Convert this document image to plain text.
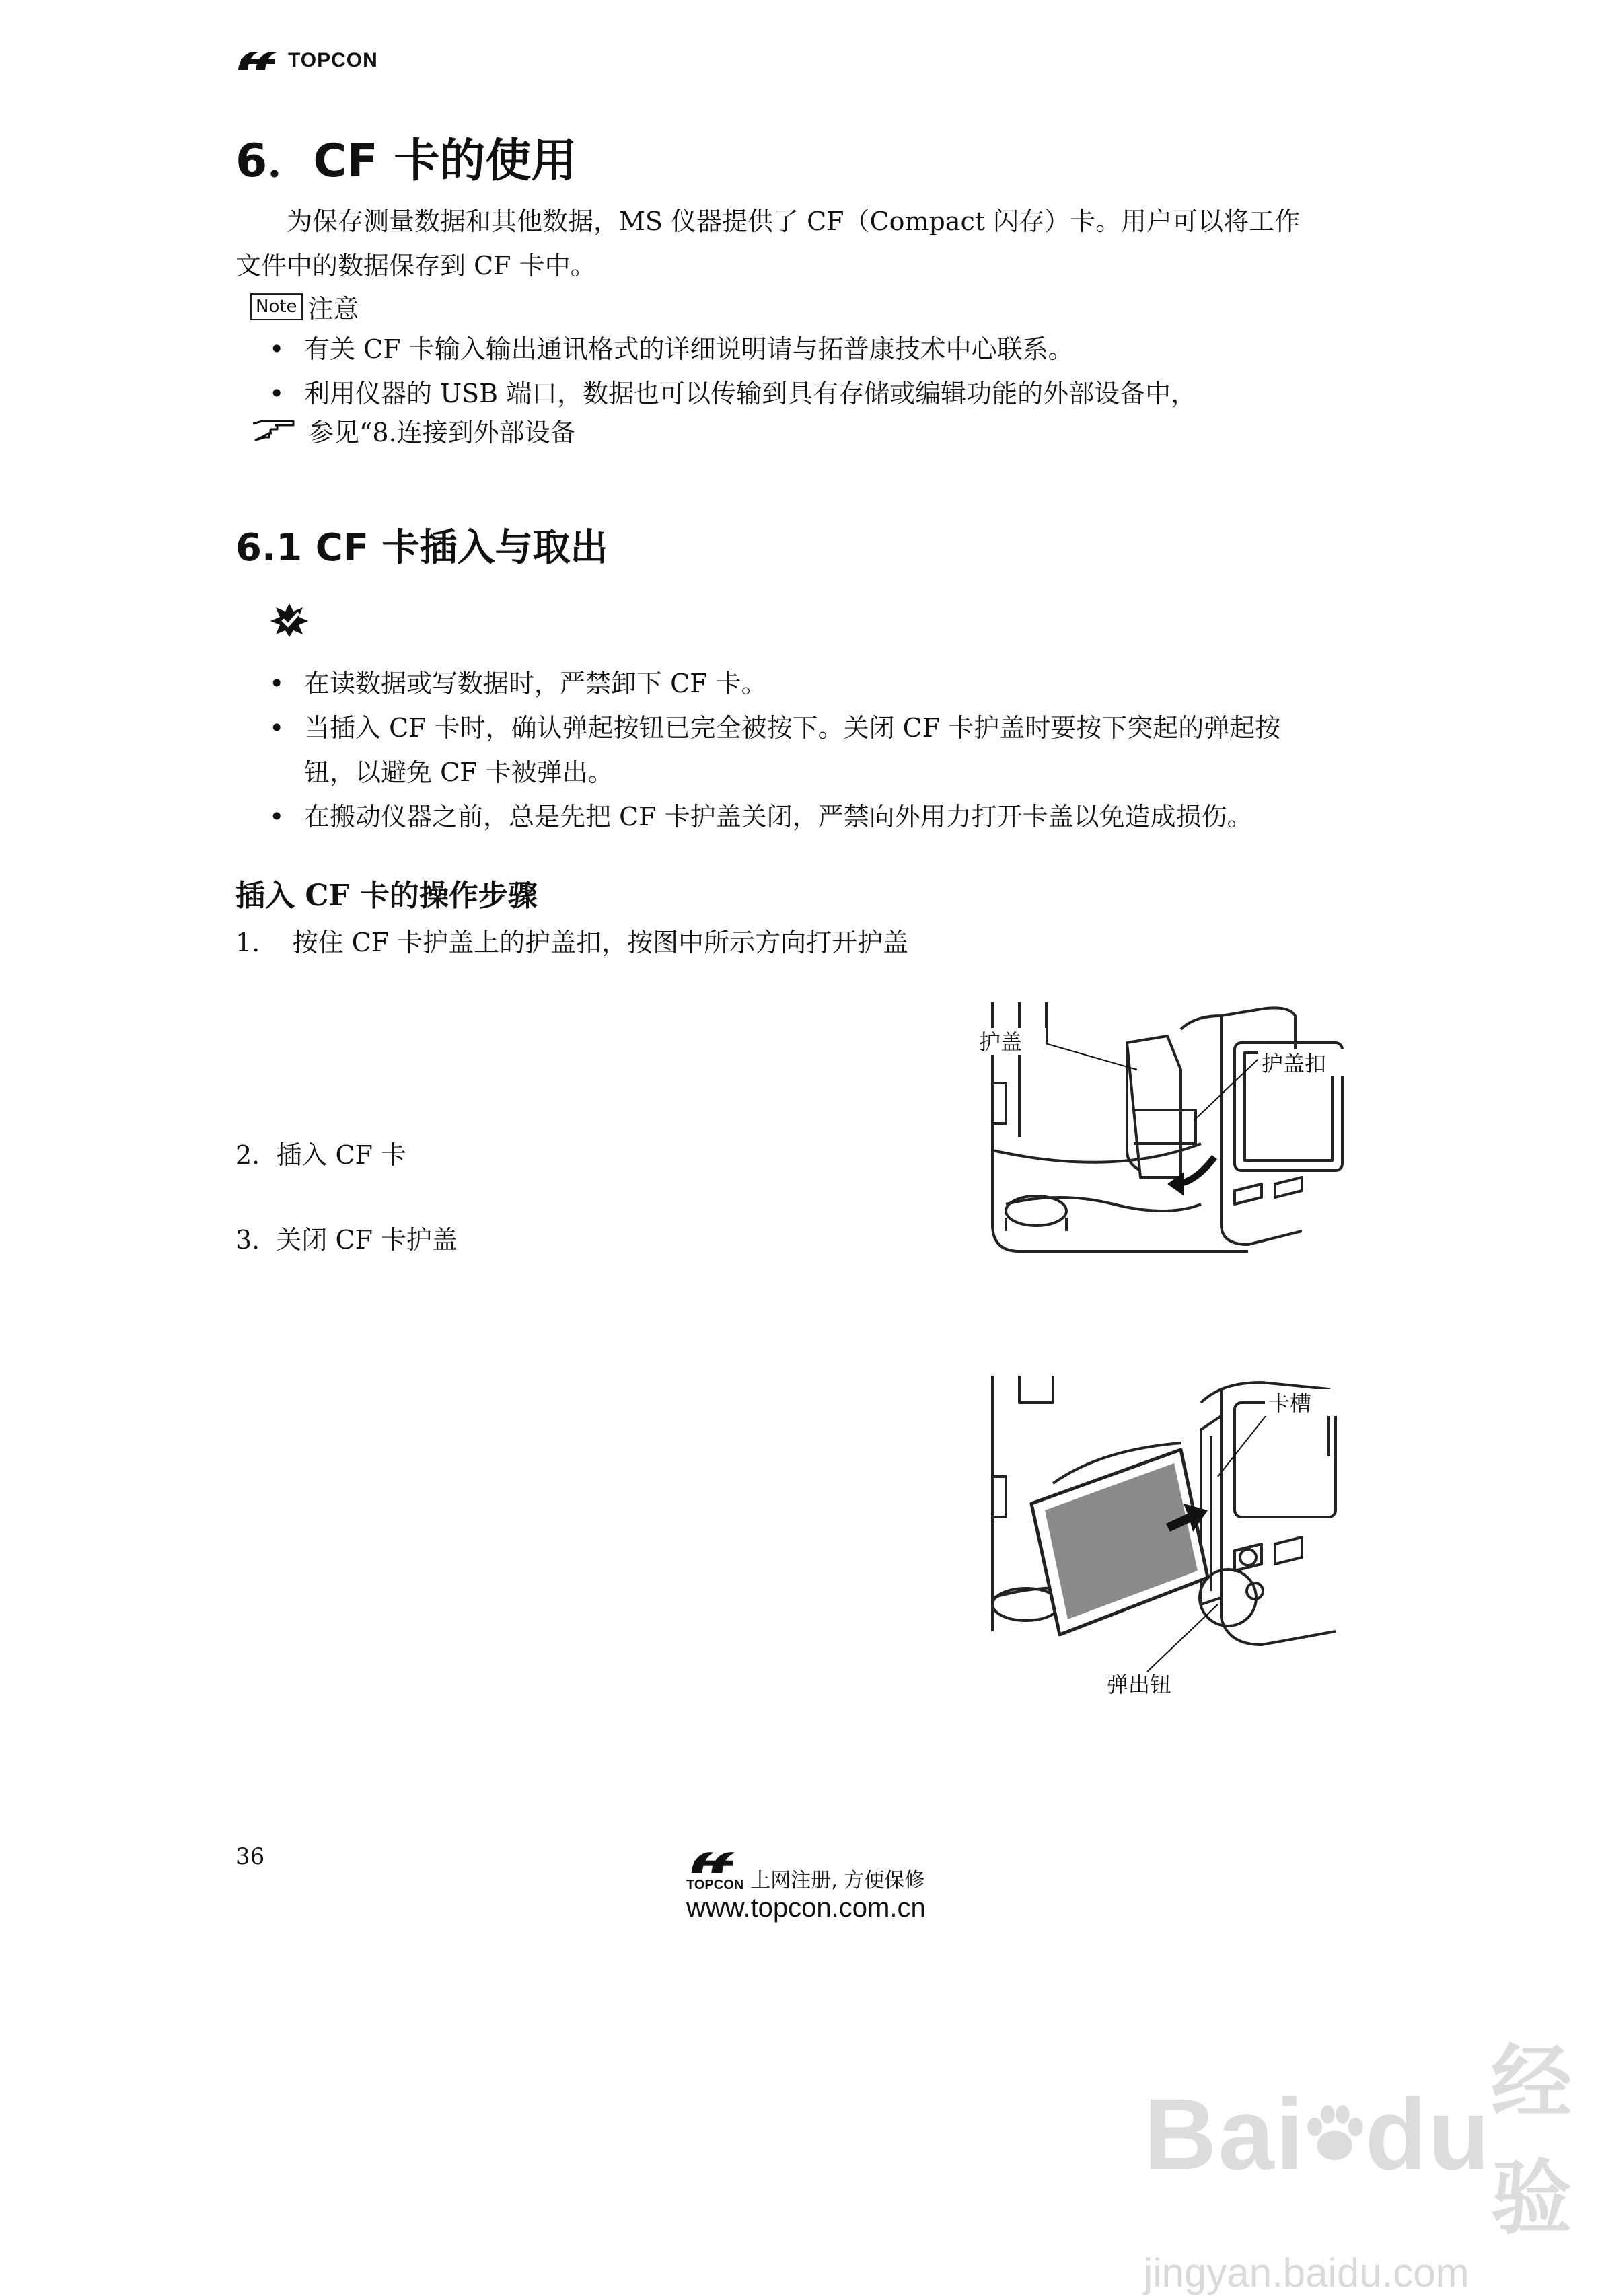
TOPCON
6．CF 卡的使用
为保存测量数据和其他数据，MS 仪器提供了 CF（Compact 闪存）卡。用户可以将工作
文件中的数据保存到 CF 卡中。
Note 注意
• 有关 CF 卡输入输出通讯格式的详细说明请与拓普康技术中心联系。
• 利用仪器的 USB 端口，数据也可以传输到具有存储或编辑功能的外部设备中，
参见“8.连接到外部设备
6.1 CF 卡插入与取出
• 在读数据或写数据时，严禁卸下 CF 卡。
• 当插入 CF 卡时，确认弹起按钮已完全被按下。关闭 CF 卡护盖时要按下突起的弹起按
钮，以避免 CF 卡被弹出。
• 在搬动仪器之前，总是先把 CF 卡护盖关闭，严禁向外用力打开卡盖以免造成损伤。
插入 CF 卡的操作步骤
1.    按住 CF 卡护盖上的护盖扣，按图中所示方向打开护盖
2.  插入 CF 卡
3.  关闭 CF 卡护盖
护盖
护盖扣
卡槽
弹出钮
36
TOPCON 上网注册, 方便保修
www.topcon.com.cn
Bai du 经验
jingyan.baidu.com
